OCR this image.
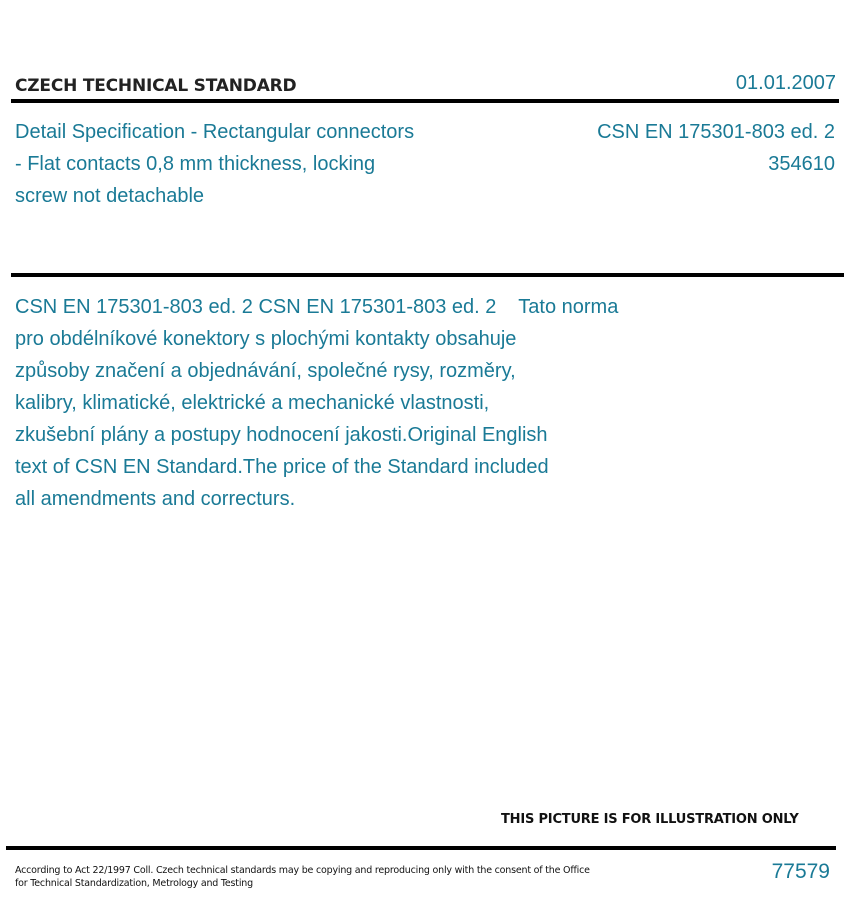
CZECH TECHNICAL STANDARD	01.01.2007
Detail Specification - Rectangular connectors
- Flat contacts 0,8 mm thickness, locking
screw not detachable
CSN EN 175301-803 ed. 2
354610
CSN EN 175301-803 ed. 2 CSN EN 175301-803 ed. 2    Tato norma
pro obdélníkové konektory s plochými kontakty obsahuje
způsoby značení a objednávání, společné rysy, rozměry,
kalibry, klimatické, elektrické a mechanické vlastnosti,
zkušební plány a postupy hodnocení jakosti.Original English
text of CSN EN Standard.The price of the Standard included
all amendments and correcturs.
THIS PICTURE IS FOR ILLUSTRATION ONLY
According to Act 22/1997 Coll. Czech technical standards may be copying and reproducing only with the consent of the Office
for Technical Standardization, Metrology and Testing
77579
